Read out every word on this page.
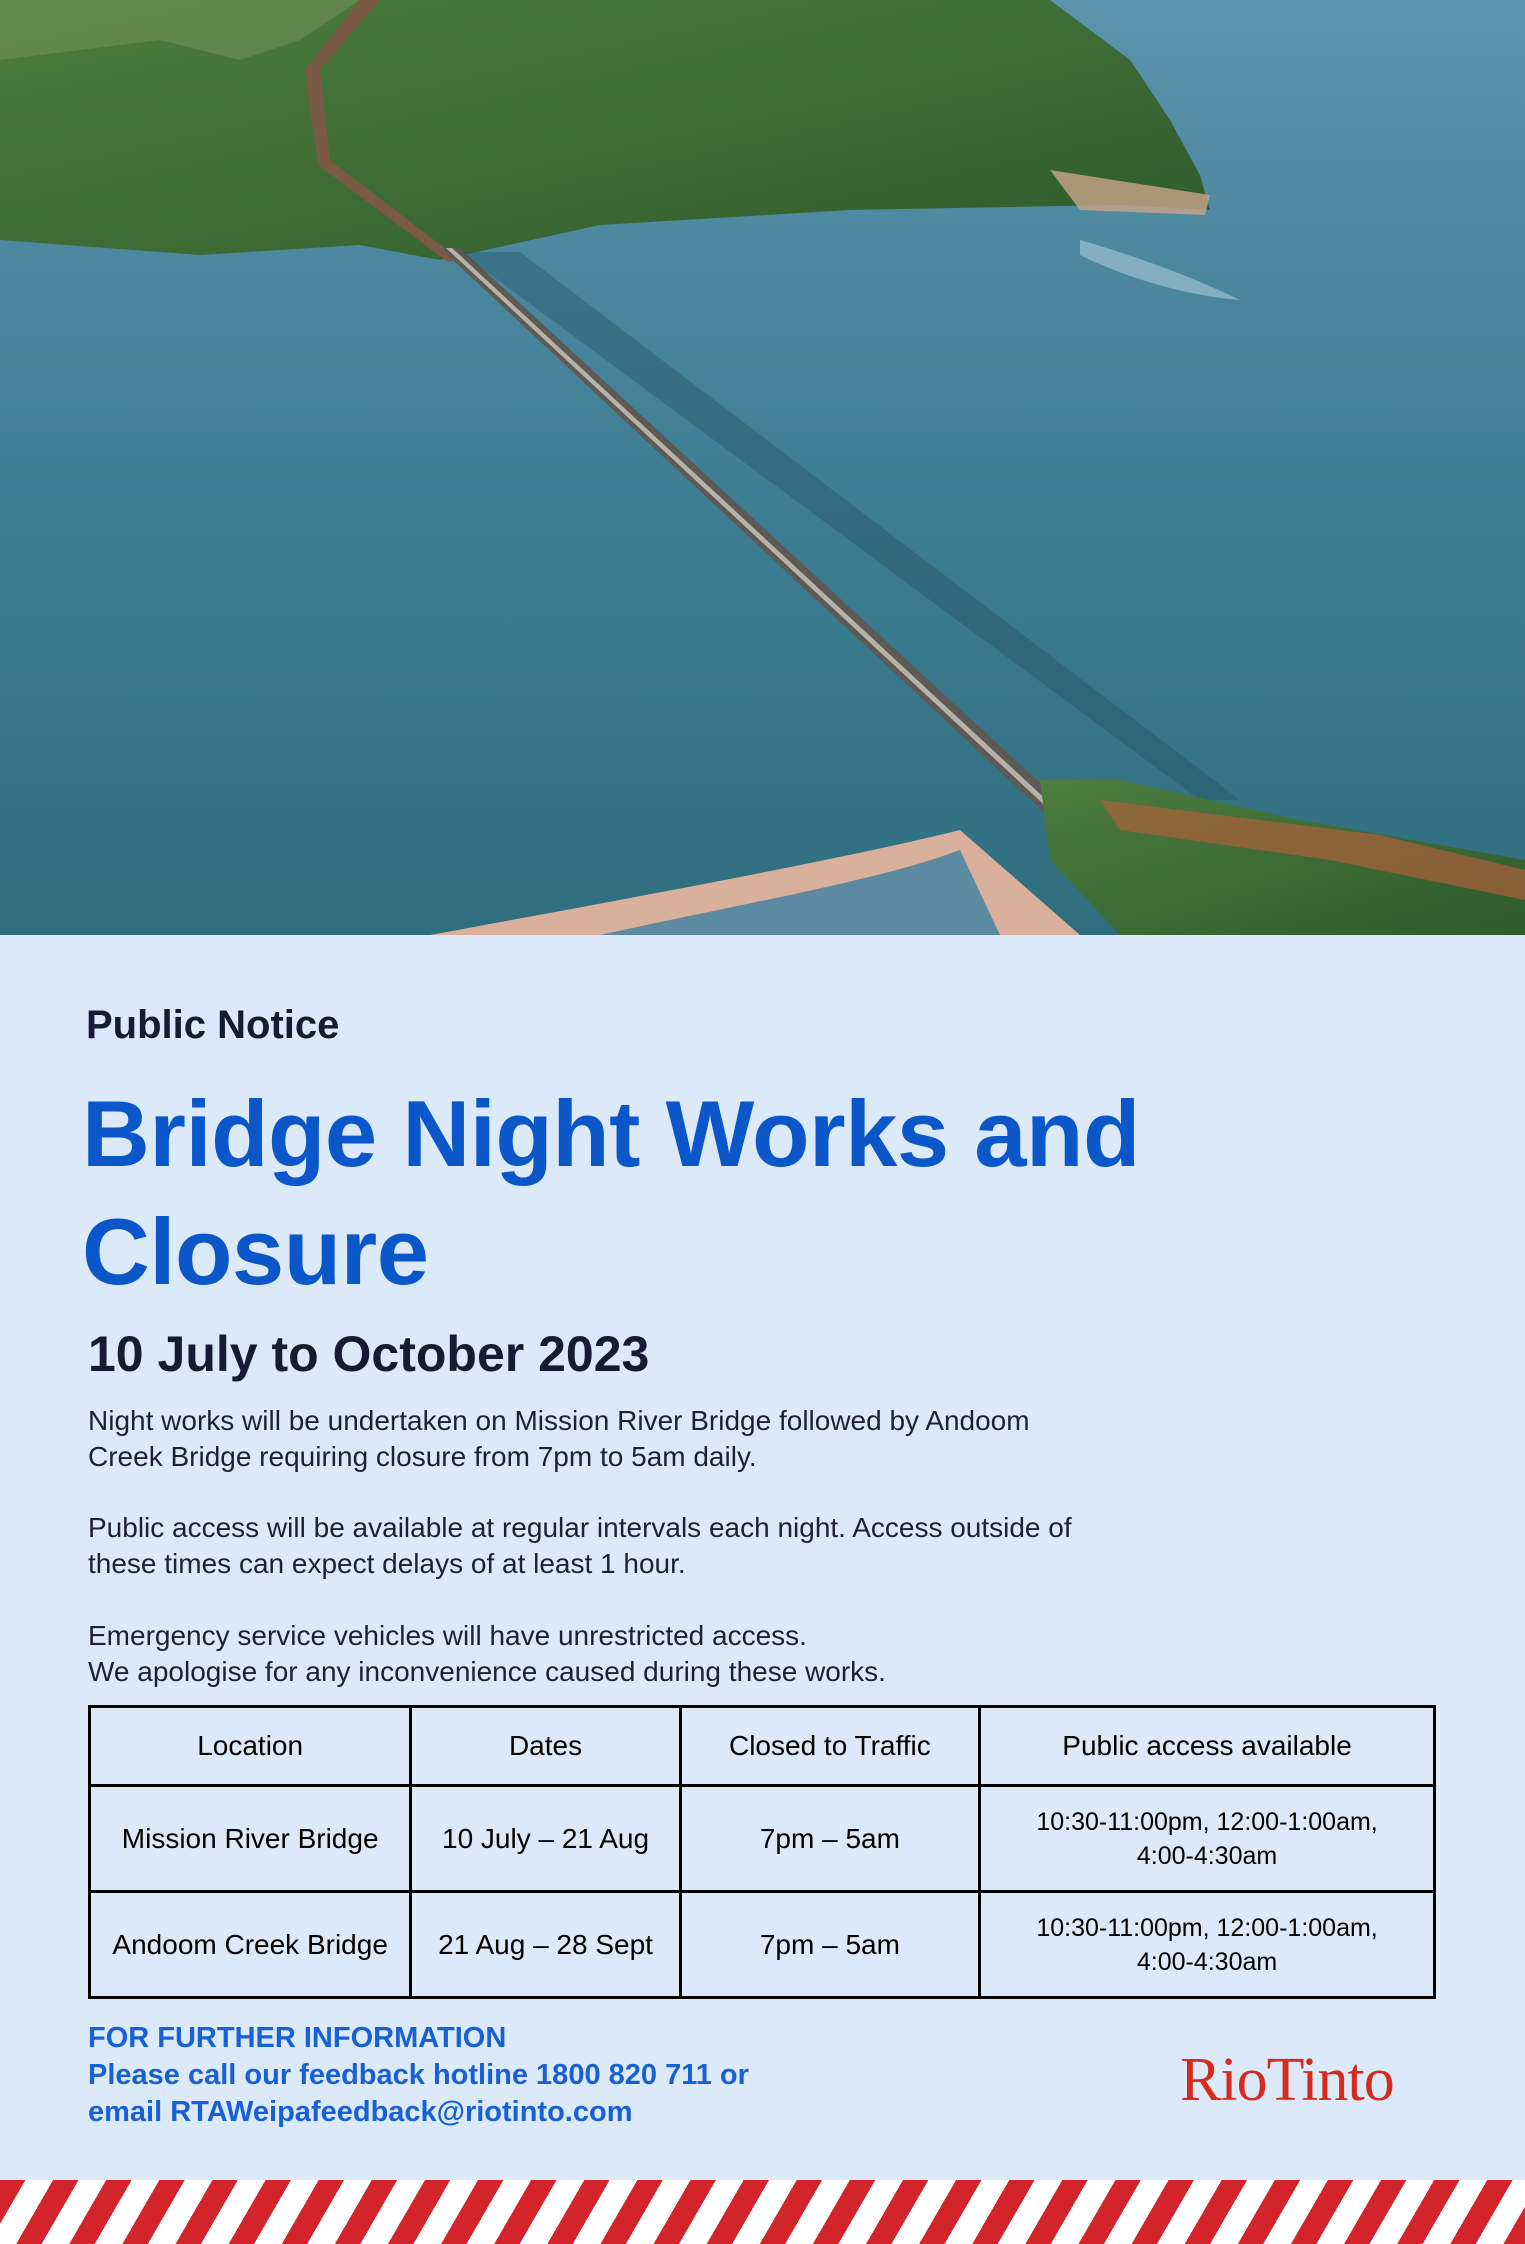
Public Notice
Bridge Night Works and Closure
10 July to October 2023
Night works will be undertaken on Mission River Bridge followed by Andoom
Creek Bridge requiring closure from 7pm to 5am daily.
Public access will be available at regular intervals each night. Access outside of
these times can expect delays of at least 1 hour.
Emergency service vehicles will have unrestricted access.
We apologise for any inconvenience caused during these works.
Location	Dates	Closed to Traffic	Public access available
Mission River Bridge	10 July – 21 Aug	7pm – 5am	10:30-11:00pm, 12:00-1:00am,
4:00-4:30am
Andoom Creek Bridge	21 Aug – 28 Sept	7pm – 5am	10:30-11:00pm, 12:00-1:00am,
4:00-4:30am
FOR FURTHER INFORMATION
Please call our feedback hotline 1800 820 711 or
email RTAWeipafeedback@riotinto.com	RioTinto
